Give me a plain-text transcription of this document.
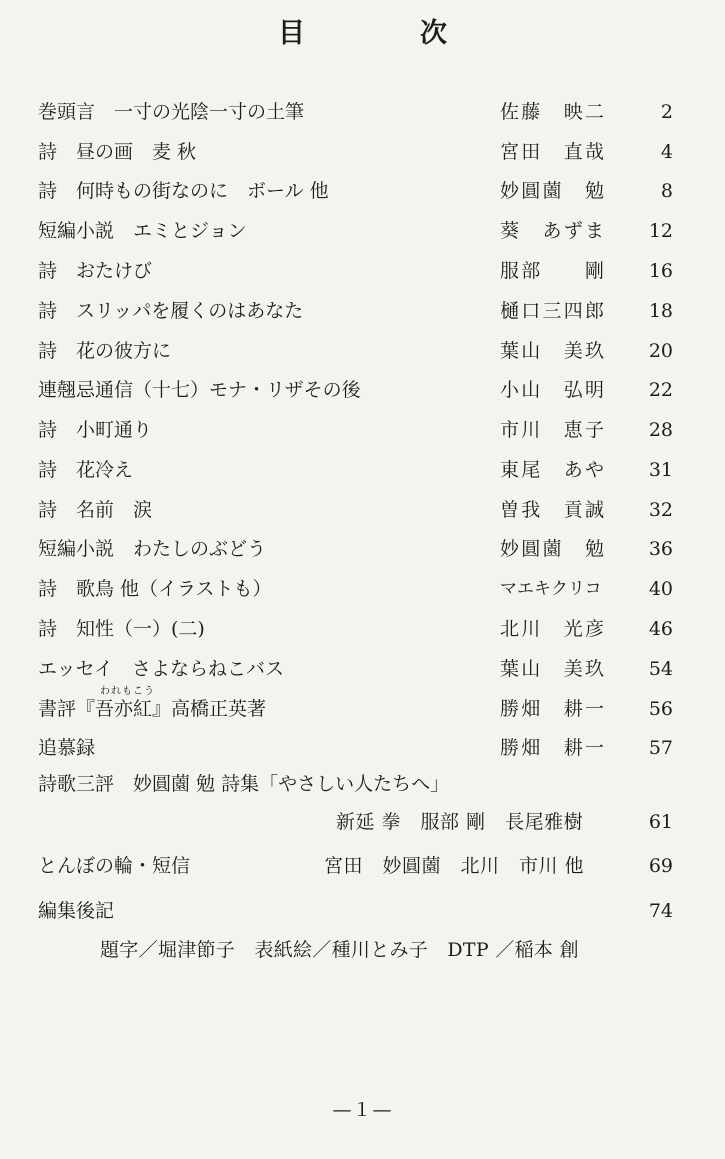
目　次
巻頭言　一寸の光陰一寸の土筆	佐藤　映二	2
詩　昼の画　麦 秋	宮田　直哉	4
詩　何時もの街なのに　ボール 他	妙圓薗　勉	8
短編小説　エミとジョン	葵　あずま 12
詩　おたけび	服部　　剛 16
詩　スリッパを履くのはあなた	樋口三四郎 18
詩　花の彼方に	葉山　美玖 20
連翹忌通信（十七）モナ・リザその後	小山　弘明 22
詩　小町通り	市川　恵子 28
詩　花冷え	東尾　あや 31
詩　名前　涙	曽我　貢誠 32
短編小説　わたしのぶどう	妙圓薗　勉 36
詩　歌鳥 他（イラストも）	マエキクリコ 40
詩　知性（一）(二)	北川　光彦 46
エッセイ　さよならねこバス	葉山　美玖 54
われもこう
書評『吾亦紅』高橋正英著	勝畑　耕一 56
追慕録	勝畑　耕一 57
詩歌三評　妙圓薗 勉 詩集「やさしい人たちへ」
新延 拳　服部 剛　長尾雅樹	61
とんぼの輪・短信	宮田　妙圓薗　北川　市川 他	69
編集後記	74
題字／堀津節子　表紙絵／種川とみ子　DTP ／稲本 創
—１—
